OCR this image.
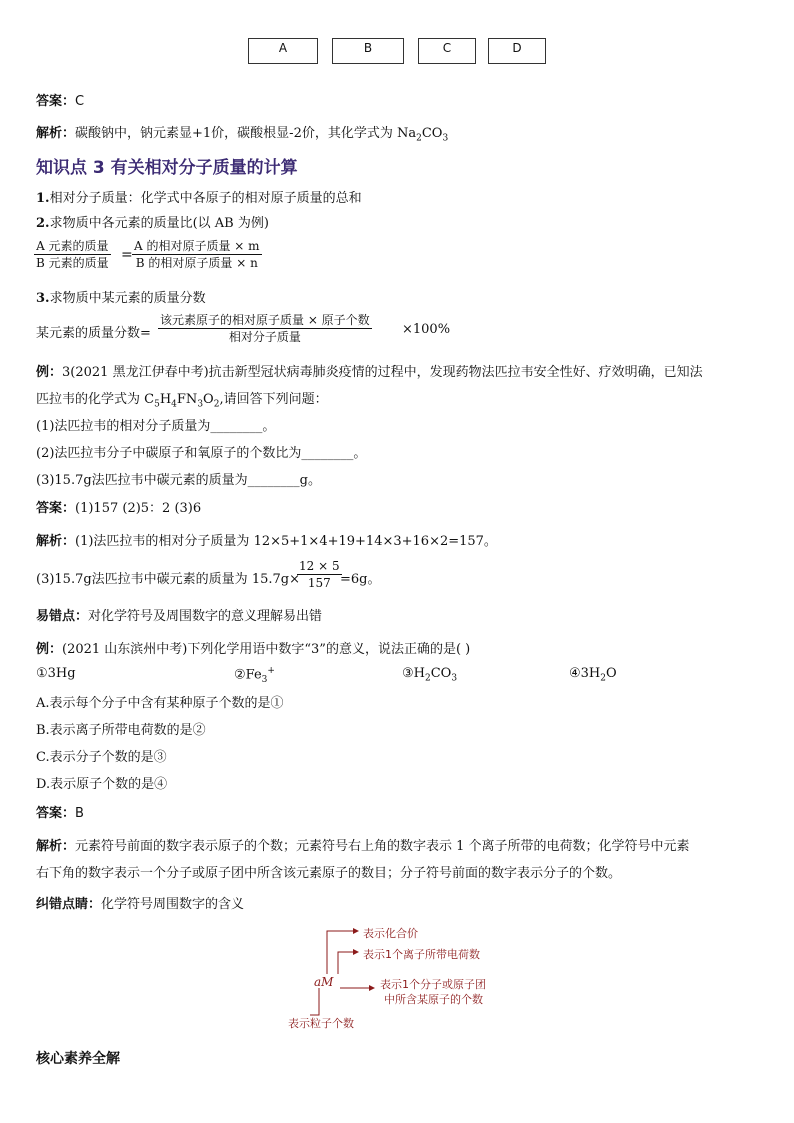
A	B	C	D
答案：C
解析：碳酸钠中，钠元素显+1价，碳酸根显-2价，其化学式为 $Na_2CO_3$
知识点 3 有关相对分子质量的计算
1.相对分子质量：化学式中各原子的相对原子质量的总和
2.求物质中各元素的质量比(以 AB 为例)
A 元素的质量
B 元素的质量 =
A 的相对原子质量 × m
B 的相对原子质量 × n
3.求物质中某元素的质量分数
某元素的质量分数=
该元素原子的相对原子质量 × 原子个数
相对分子质量	×100%
例：3(2021 黑龙江伊春中考)抗击新型冠状病毒肺炎疫情的过程中，发现药物法匹拉韦安全性好、疗效明确，已知法
匹拉韦的化学式为 $C_5H_4FN_3O_2$,请回答下列问题：
(1)法匹拉韦的相对分子质量为________。
(2)法匹拉韦分子中碳原子和氧原子的个数比为________。
(3)15.7g法匹拉韦中碳元素的质量为________g。
答案：(1)157 (2)5：2 (3)6
解析：(1)法匹拉韦的相对分子质量为 12×5+1×4+19+14×3+16×2=157。
(3)15.7g法匹拉韦中碳元素的质量为 15.7g×
$\frac{12 \times 5}{157}$
=6g。
易错点：对化学符号及周围数字的意义理解易出错
例：(2021 山东滨州中考)下列化学用语中数字“3”的意义，说法正确的是( )
①3Hg	$②Fe_3^+$	$③H_2CO_3$	$④3H_2O$
A.表示每个分子中含有某种原子个数的是①
B.表示离子所带电荷数的是②
C.表示分子个数的是③
D.表示原子个数的是④
答案：B
解析：元素符号前面的数字表示原子的个数；元素符号右上角的数字表示 1 个离子所带的电荷数；化学符号中元素
右下角的数字表示一个分子或原子团中所含该元素原子的数目；分子符号前面的数字表示分子的个数。
纠错点睛：化学符号周围数字的含义
aM
表示化合价
表示1个离子所带电荷数
表示1个分子或原子团
中所含某原子的个数
表示粒子个数
核心素养全解
